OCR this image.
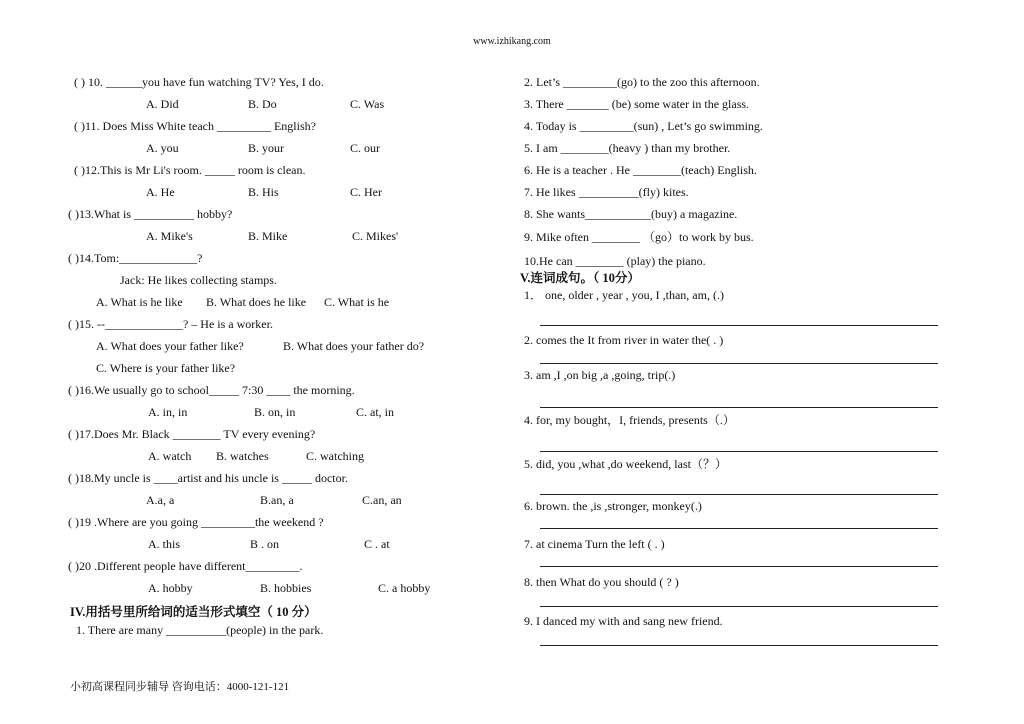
www.izhikang.com
( ) 10. ______you have fun watching TV? Yes, I do.
A. Did	B. Do	C. Was
( )11. Does Miss White teach _________ English?
A. you	B. your	C. our
( )12.This is Mr Li's room. _____ room is clean.
A. He	B. His	C. Her
( )13.What is __________ hobby?
A. Mike's	B. Mike	C. Mikes'
( )14.Tom:_____________?
Jack: He likes collecting stamps.
A. What is he like B. What does he like C. What is he
( )15. --_____________? – He is a worker.
A. What does your father like?	B. What does your father do?
C. Where is your father like?
( )16.We usually go to school_____ 7:30 ____ the morning.
A. in, in	B. on, in	C. at, in
( )17.Does Mr. Black ________ TV every evening?
A. watch B. watches	C. watching
( )18.My uncle is ____artist and his uncle is _____ doctor.
A.a, a	B.an, a	C.an, an
( )19 .Where are you going _________the weekend ?
A. this	B . on	C . at
( )20 .Different people have different_________.
A. hobby	B. hobbies	C. a hobby
IV.用括号里所给词的适当形式填空（ 10 分）
1. There are many __________(people) in the park.
2. Let’s _________(go) to the zoo this afternoon.
3. There _______ (be) some water in the glass.
4. Today is _________(sun) , Let’s go swimming.
5. I am ________(heavy ) than my brother.
6. He is a teacher . He ________(teach) English.
7. He likes __________(fly) kites.
8. She wants___________(buy) a magazine.
9. Mike often ________ （go）to work by bus.
10.He can ________ (play) the piano.
V.连词成句。（ 10分）
1． one, older , year , you, I ,than, am, (.)
2. comes the It from river in water the( . )
3. am ,I ,on big ,a ,going, trip(.)
4. for, my bought，I, friends, presents（.）
5. did, you ,what ,do weekend, last（？）
6. brown. the ,is ,stronger, monkey(.)
7. at cinema Turn the left ( . )
8. then What do you should ( ? )
9. I danced my with and sang new friend.
小初高课程同步辅导 咨询电话：4000-121-121
